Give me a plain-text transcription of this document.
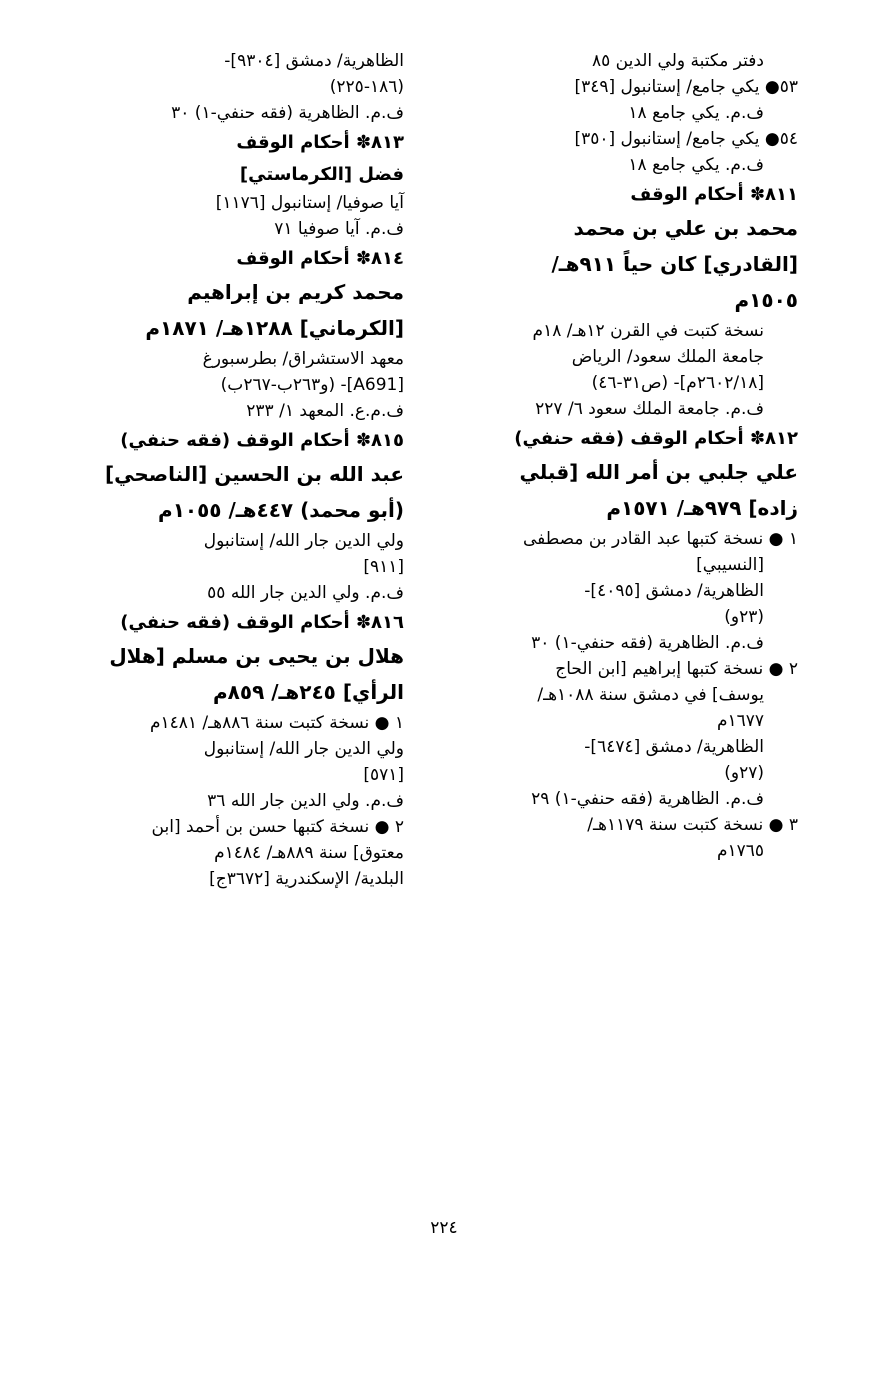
دفتر مكتبة ولي الدين ٨٥
٥٣● يكي جامع/ إستانبول [٣٤٩]
ف.م. يكي جامع ١٨
٥٤● يكي جامع/ إستانبول [٣٥٠]
ف.م. يكي جامع ١٨
٨١١✽ أحكام الوقف
محمد بن علي بن محمد
[القادري] كان حياً ٩١١هـ/
١٥٠٥م
نسخة كتبت في القرن ١٢هـ/ ١٨م
جامعة الملك سعود/ الرياض
[٢٦٠٢/١٨م]- (ص٣١-٤٦)
ف.م. جامعة الملك سعود ٦/ ٢٢٧
٨١٢✽ أحكام الوقف (فقه حنفي)
علي جلبي بن أمر الله [قبلي
زاده] ٩٧٩هـ/ ١٥٧١م
١ ● نسخة كتبها عبد القادر بن مصطفى
[النسيبي]
الظاهرية/ دمشق [٤٠٩٥]-
(٢٣و)
ف.م. الظاهرية (فقه حنفي-١) ٣٠
٢ ● نسخة كتبها إبراهيم [ابن الحاج
يوسف] في دمشق سنة ١٠٨٨هـ/
١٦٧٧م
الظاهرية/ دمشق [٦٤٧٤]-
(٢٧و)
ف.م. الظاهرية (فقه حنفي-١) ٢٩
٣ ● نسخة كتبت سنة ١١٧٩هـ/
١٧٦٥م
الظاهرية/ دمشق [٩٣٠٤]-
(١٨٦-٢٢٥)
ف.م. الظاهرية (فقه حنفي-١) ٣٠
٨١٣✽ أحكام الوقف
فضل [الكرماستي]
آيا صوفيا/ إستانبول [١١٧٦]
ف.م. آيا صوفيا ٧١
٨١٤✽ أحكام الوقف
محمد كريم بن إبراهيم
[الكرماني] ١٢٨٨هـ/ ١٨٧١م
معهد الاستشراق/ بطرسبورغ
[A691]- (و٢٦٣ب-٢٦٧ب)
ف.م.ع. المعهد ١/ ٢٣٣
٨١٥✽ أحكام الوقف (فقه حنفي)
عبد الله بن الحسين [الناصحي]
(أبو محمد) ٤٤٧هـ/ ١٠٥٥م
ولي الدين جار الله/ إستانبول
[٩١١]
ف.م. ولي الدين جار الله ٥٥
٨١٦✽ أحكام الوقف (فقه حنفي)
هلال بن يحيى بن مسلم [هلال
الرأي] ٢٤٥هـ/ ٨٥٩م
١ ● نسخة كتبت سنة ٨٨٦هـ/ ١٤٨١م
ولي الدين جار الله/ إستانبول
[٥٧١]
ف.م. ولي الدين جار الله ٣٦
٢ ● نسخة كتبها حسن بن أحمد [ابن
معتوق] سنة ٨٨٩هـ/ ١٤٨٤م
البلدية/ الإسكندرية [٣٦٧٢ج]
٢٢٤
